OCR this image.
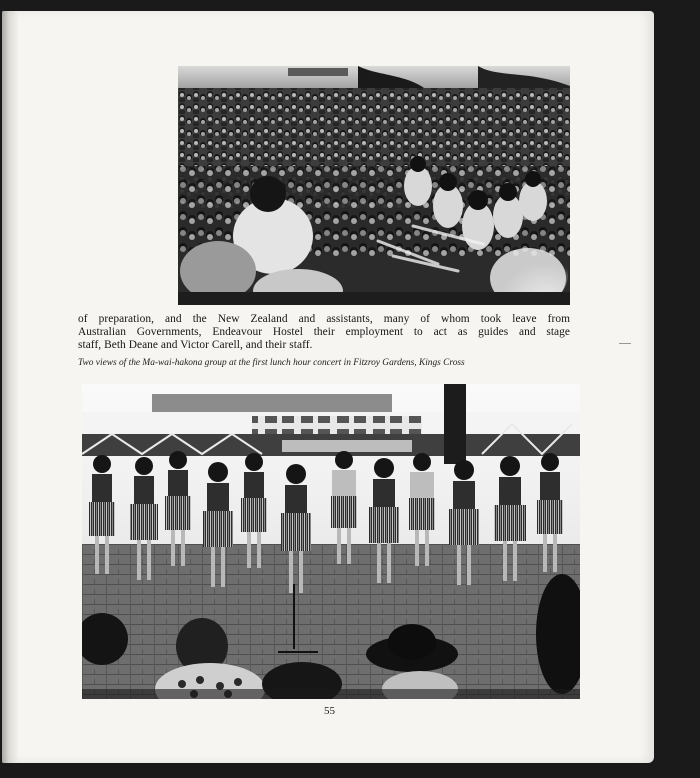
of preparation, and the New Zealand and assistants, many of whom took leave from
Australian Governments, Endeavour Hostel their employment to act as guides and stage
staff, Beth Deane and Victor Carell, and their staff.

Two views of the Ma-wai-hakona group at the first lunch hour concert in Fitzroy Gardens, Kings Cross

55
